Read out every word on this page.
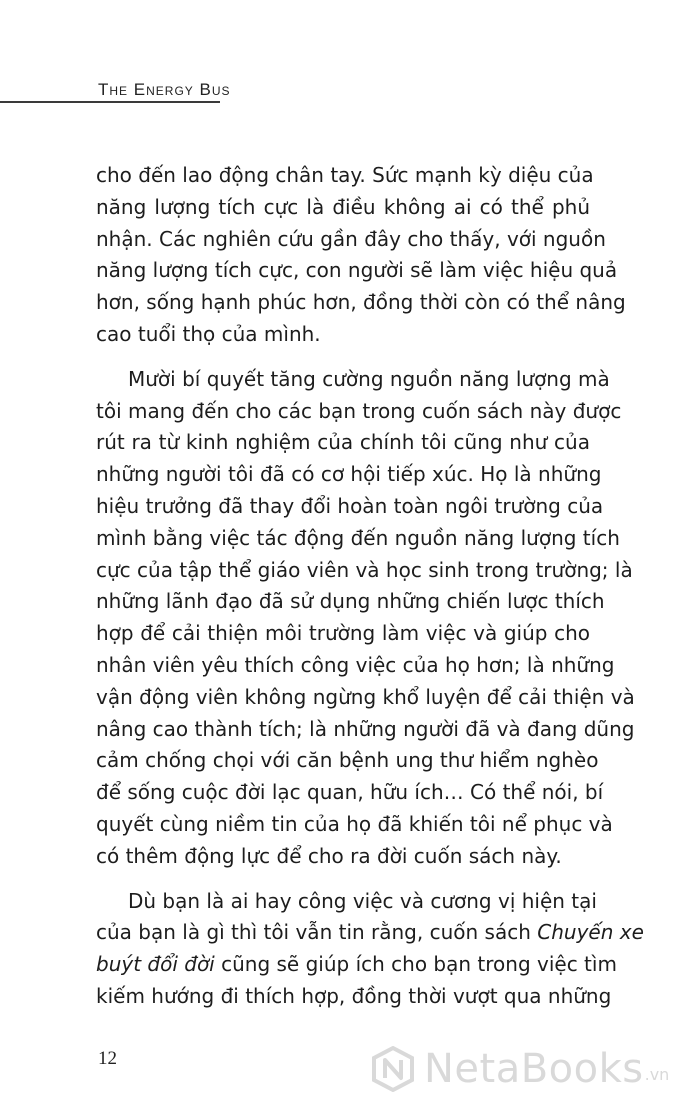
The Energy Bus

cho đến lao động chân tay. Sức mạnh kỳ diệu của
năng lượng tích cực là điều không ai có thể phủ
nhận. Các nghiên cứu gần đây cho thấy, với nguồn
năng lượng tích cực, con người sẽ làm việc hiệu quả
hơn, sống hạnh phúc hơn, đồng thời còn có thể nâng
cao tuổi thọ của mình.

Mười bí quyết tăng cường nguồn năng lượng mà
tôi mang đến cho các bạn trong cuốn sách này được
rút ra từ kinh nghiệm của chính tôi cũng như của
những người tôi đã có cơ hội tiếp xúc. Họ là những
hiệu trưởng đã thay đổi hoàn toàn ngôi trường của
mình bằng việc tác động đến nguồn năng lượng tích
cực của tập thể giáo viên và học sinh trong trường; là
những lãnh đạo đã sử dụng những chiến lược thích
hợp để cải thiện môi trường làm việc và giúp cho
nhân viên yêu thích công việc của họ hơn; là những
vận động viên không ngừng khổ luyện để cải thiện và
nâng cao thành tích; là những người đã và đang dũng
cảm chống chọi với căn bệnh ung thư hiểm nghèo
để sống cuộc đời lạc quan, hữu ích… Có thể nói, bí
quyết cùng niềm tin của họ đã khiến tôi nể phục và
có thêm động lực để cho ra đời cuốn sách này.

Dù bạn là ai hay công việc và cương vị hiện tại
của bạn là gì thì tôi vẫn tin rằng, cuốn sách Chuyến xe
buýt đổi đời cũng sẽ giúp ích cho bạn trong việc tìm
kiếm hướng đi thích hợp, đồng thời vượt qua những

12	NetaBooks .vn
